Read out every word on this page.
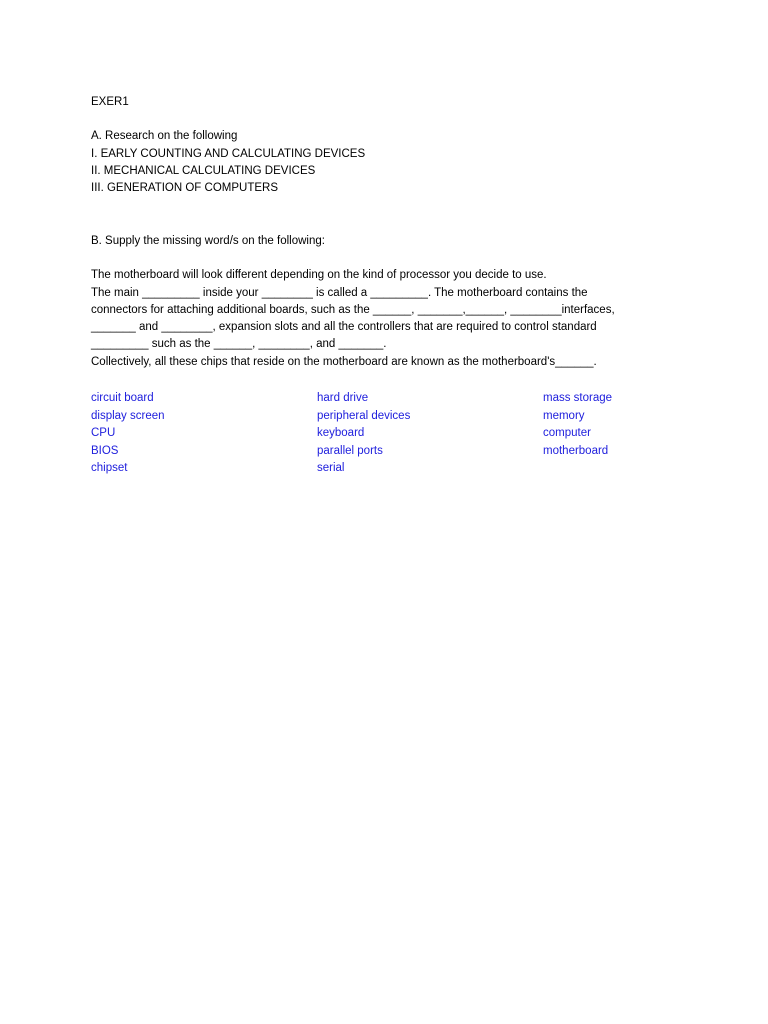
EXER1
A. Research on the following
I. EARLY COUNTING AND CALCULATING DEVICES
II. MECHANICAL CALCULATING DEVICES
III. GENERATION OF COMPUTERS
B. Supply the missing word/s on the following:
The motherboard will look different depending on the kind of processor you decide to use.
The main _________ inside your ________ is called a _________. The motherboard contains the
connectors for attaching additional boards, such as the ______, _______,______, ________interfaces,
_______ and ________, expansion slots and all the controllers that are required to control standard
_________ such as the ______, ________, and _______.
Collectively, all these chips that reside on the motherboard are known as the motherboard's______.
circuit board
display screen
CPU
BIOS
chipset
hard drive
peripheral devices
keyboard
parallel ports
serial
mass storage
memory
computer
motherboard
